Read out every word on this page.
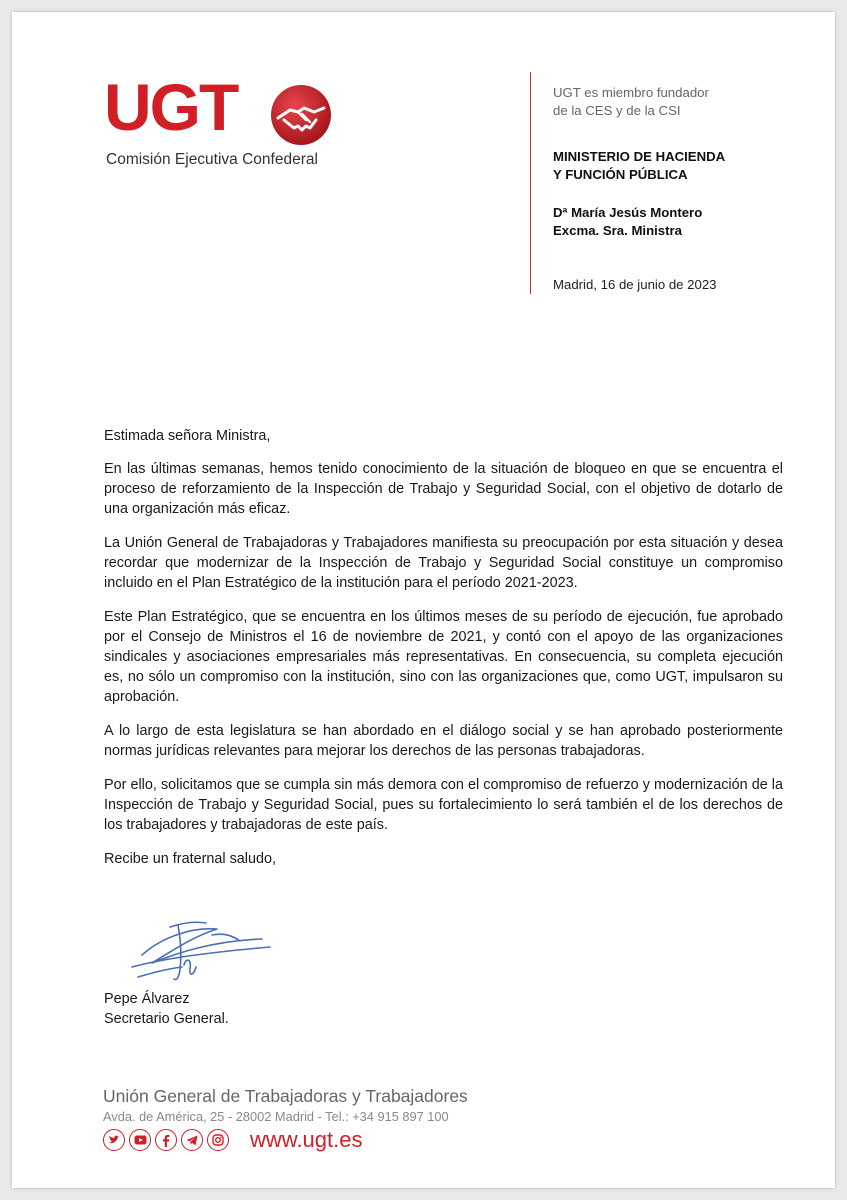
UGT
Comisión Ejecutiva Confederal
UGT es miembro fundador
de la CES y de la CSI
MINISTERIO DE HACIENDA
Y FUNCIÓN PÚBLICA
Dª María Jesús Montero
Excma. Sra. Ministra
Madrid, 16 de junio de 2023

Estimada señora Ministra,

En las últimas semanas, hemos tenido conocimiento de la situación de bloqueo en que se encuentra el proceso de reforzamiento de la Inspección de Trabajo y Seguridad Social, con el objetivo de dotarlo de una organización más eficaz.

La Unión General de Trabajadoras y Trabajadores manifiesta su preocupación por esta situación y desea recordar que modernizar de la Inspección de Trabajo y Seguridad Social constituye un compromiso incluido en el Plan Estratégico de la institución para el período 2021-2023.

Este Plan Estratégico, que se encuentra en los últimos meses de su período de ejecución, fue aprobado por el Consejo de Ministros el 16 de noviembre de 2021, y contó con el apoyo de las organizaciones sindicales y asociaciones empresariales más representativas. En consecuencia, su completa ejecución es, no sólo un compromiso con la institución, sino con las organizaciones que, como UGT, impulsaron su aprobación.

A lo largo de esta legislatura se han abordado en el diálogo social y se han aprobado posteriormente normas jurídicas relevantes para mejorar los derechos de las personas trabajadoras.

Por ello, solicitamos que se cumpla sin más demora con el compromiso de refuerzo y modernización de la Inspección de Trabajo y Seguridad Social, pues su fortalecimiento lo será también el de los derechos de los trabajadores y trabajadoras de este país.

Recibe un fraternal saludo,

Pepe Álvarez
Secretario General.
Unión General de Trabajadoras y Trabajadores
Avda. de América, 25 - 28002 Madrid - Tel.: +34 915 897 100
www.ugt.es
